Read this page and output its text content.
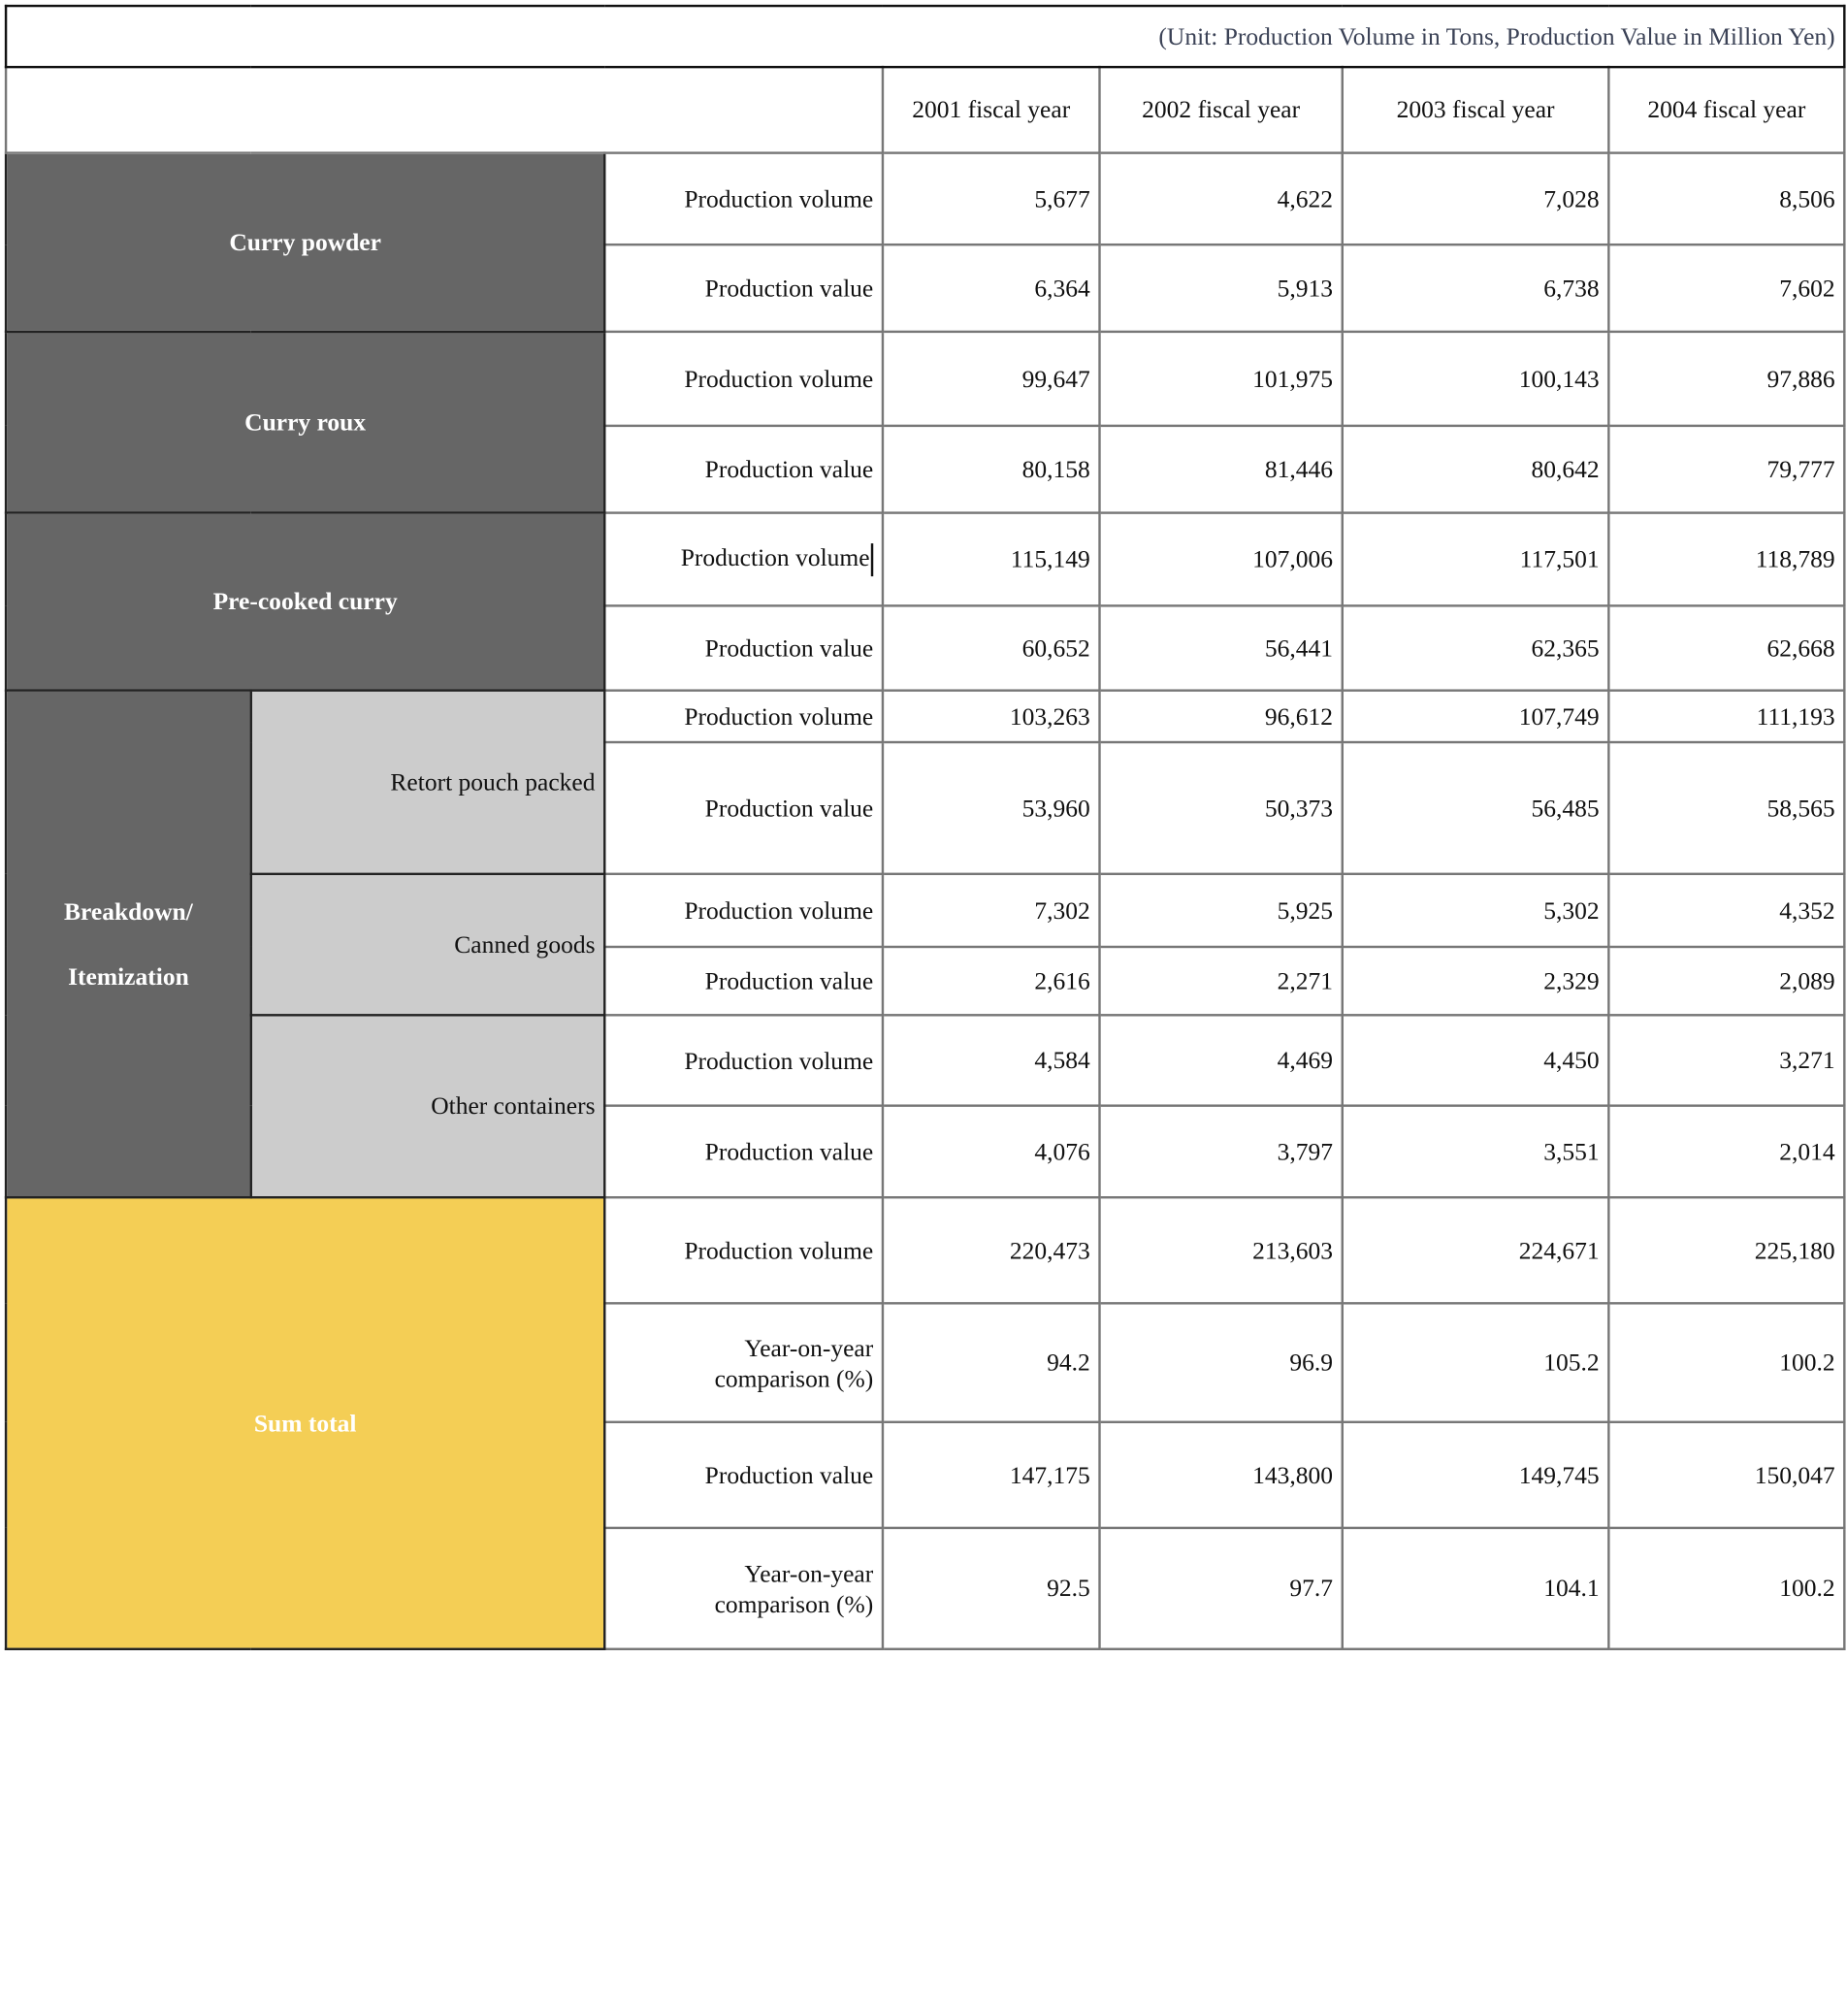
(Unit: Production Volume in Tons, Production Value in Million Yen)						
			2001 fiscal year	2002 fiscal year	2003 fiscal year	2004 fiscal year
Curry powder		Production volume	5,677	4,622	7,028	8,506
		Production value	6,364	5,913	6,738	7,602
Curry roux		Production volume	99,647	101,975	100,143	97,886
		Production value	80,158	81,446	80,642	79,777
Pre-cooked curry		Production volume	115,149	107,006	117,501	118,789
		Production value	60,652	56,441	62,365	62,668
Breakdown/
Itemization	Retort pouch packed	Production volume	103,263	96,612	107,749	111,193
		Production value	53,960	50,373	56,485	58,565
	Canned goods	Production volume	7,302	5,925	5,302	4,352
		Production value	2,616	2,271	2,329	2,089
	Other containers	Production volume	4,584	4,469	4,450	3,271
		Production value	4,076	3,797	3,551	2,014
Sum total		Production volume	220,473	213,603	224,671	225,180
		Year-on-year
comparison (%)	94.2	96.9	105.2	100.2
		Production value	147,175	143,800	149,745	150,047
		Year-on-year
comparison (%)	92.5	97.7	104.1	100.2
